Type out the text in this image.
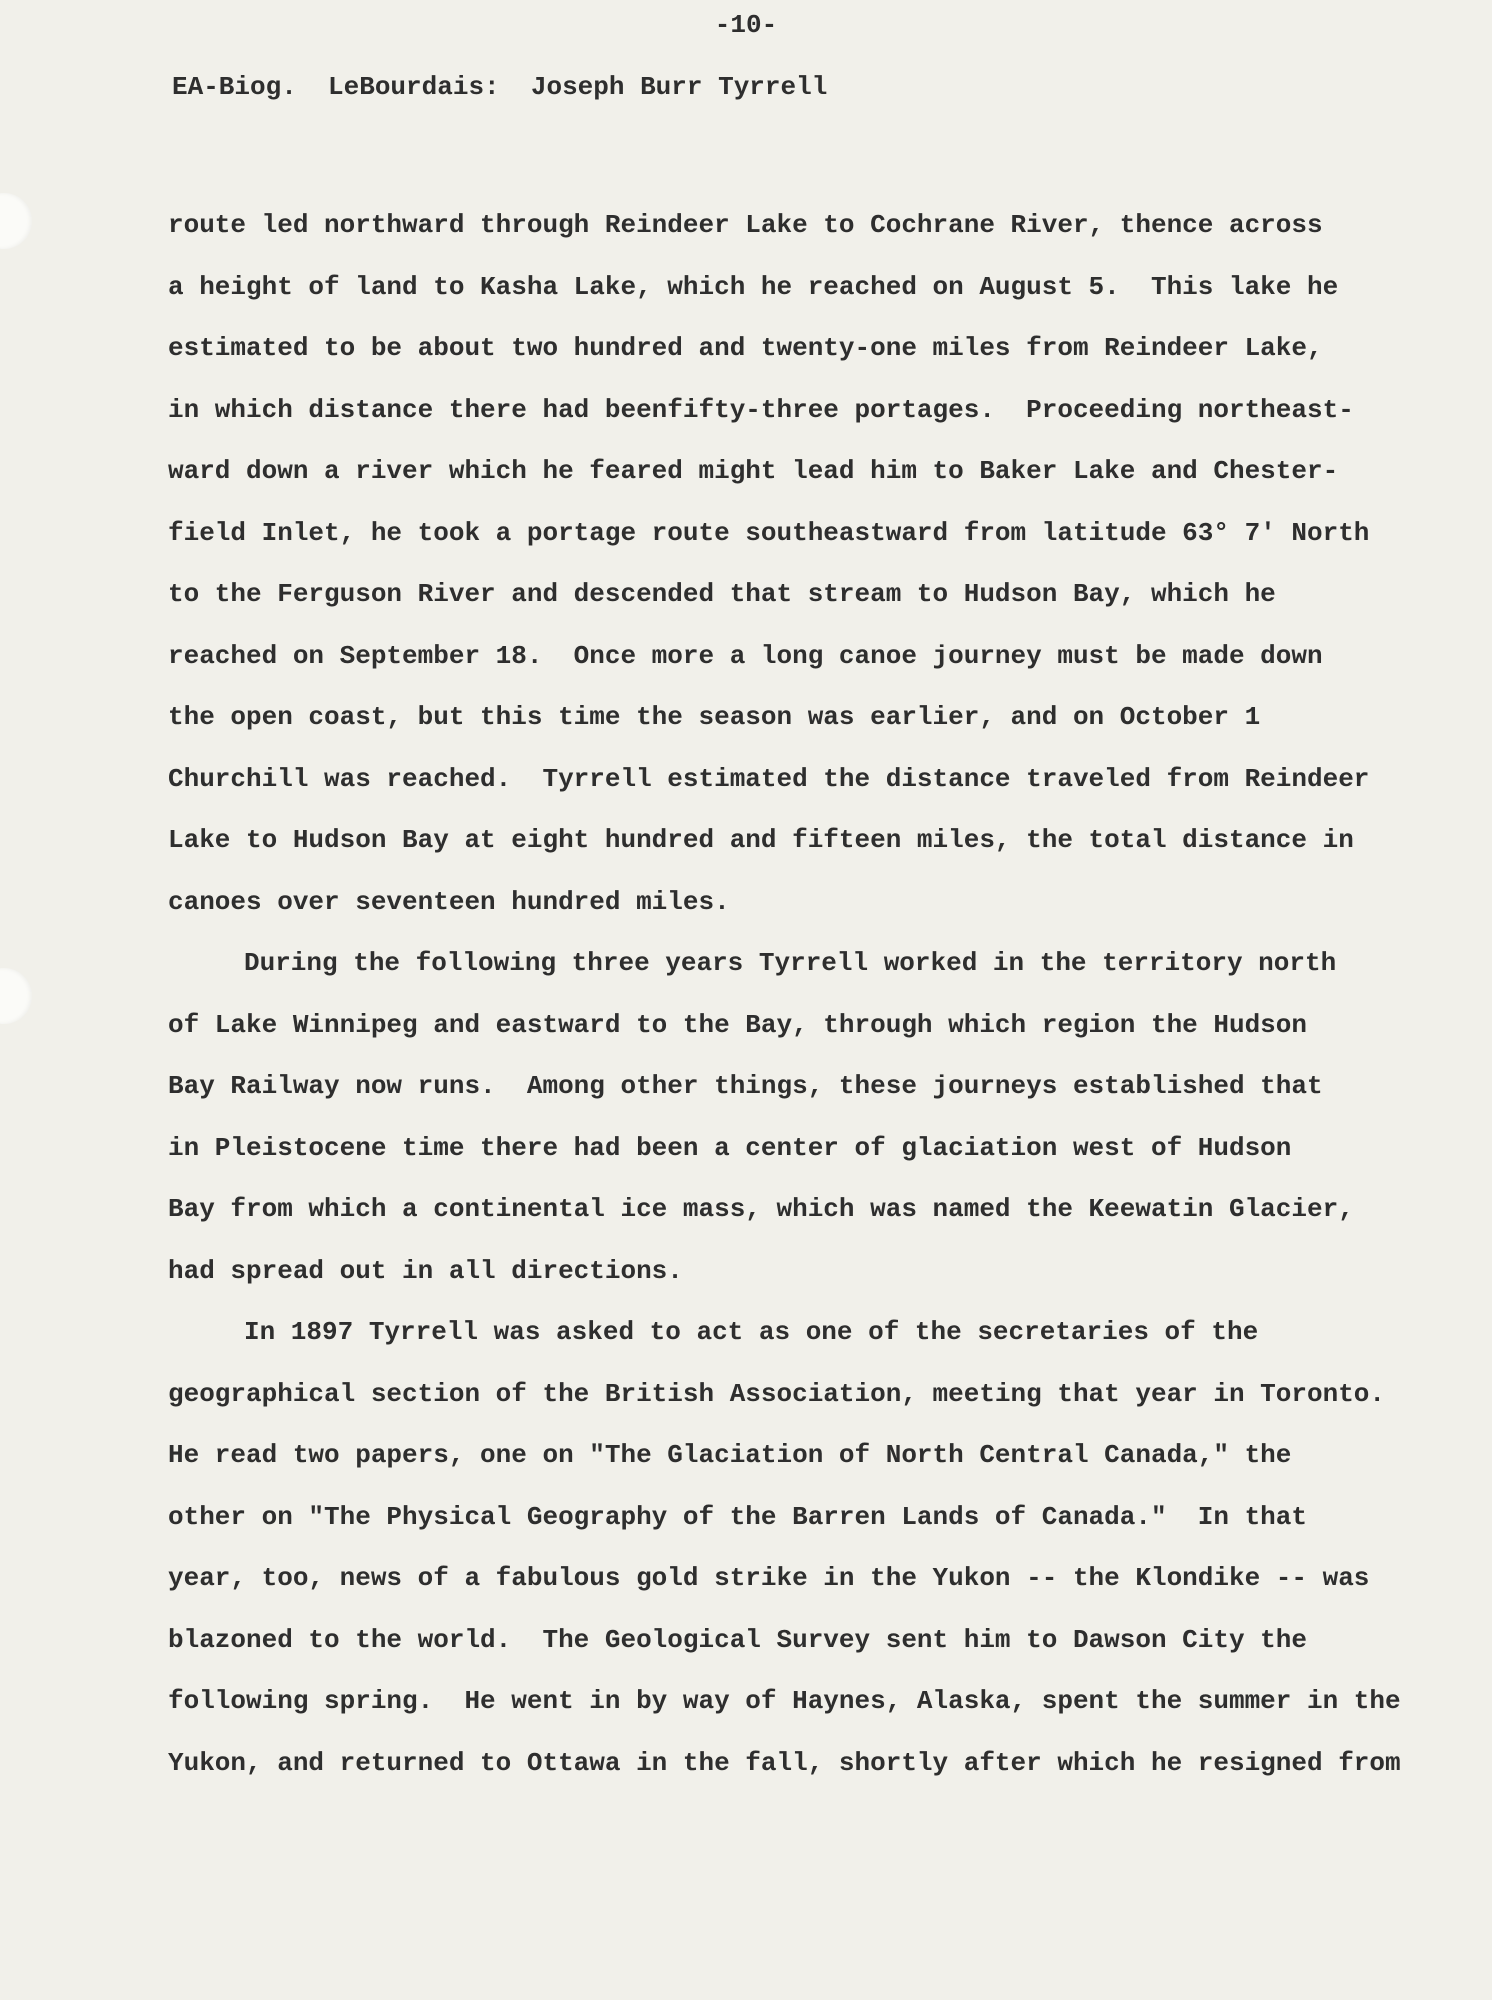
-10-
EA-Biog.  LeBourdais:  Joseph Burr Tyrrell
route led northward through Reindeer Lake to Cochrane River, thence across
a height of land to Kasha Lake, which he reached on August 5.  This lake he
estimated to be about two hundred and twenty-one miles from Reindeer Lake,
in which distance there had beenfifty-three portages.  Proceeding northeast-
ward down a river which he feared might lead him to Baker Lake and Chester-
field Inlet, he took a portage route southeastward from latitude 63° 7' North
to the Ferguson River and descended that stream to Hudson Bay, which he
reached on September 18.  Once more a long canoe journey must be made down
the open coast, but this time the season was earlier, and on October 1
Churchill was reached.  Tyrrell estimated the distance traveled from Reindeer
Lake to Hudson Bay at eight hundred and fifteen miles, the total distance in
canoes over seventeen hundred miles.
During the following three years Tyrrell worked in the territory north
of Lake Winnipeg and eastward to the Bay, through which region the Hudson
Bay Railway now runs.  Among other things, these journeys established that
in Pleistocene time there had been a center of glaciation west of Hudson
Bay from which a continental ice mass, which was named the Keewatin Glacier,
had spread out in all directions.
In 1897 Tyrrell was asked to act as one of the secretaries of the
geographical section of the British Association, meeting that year in Toronto.
He read two papers, one on "The Glaciation of North Central Canada," the
other on "The Physical Geography of the Barren Lands of Canada."  In that
year, too, news of a fabulous gold strike in the Yukon -- the Klondike -- was
blazoned to the world.  The Geological Survey sent him to Dawson City the
following spring.  He went in by way of Haynes, Alaska, spent the summer in the
Yukon, and returned to Ottawa in the fall, shortly after which he resigned from
